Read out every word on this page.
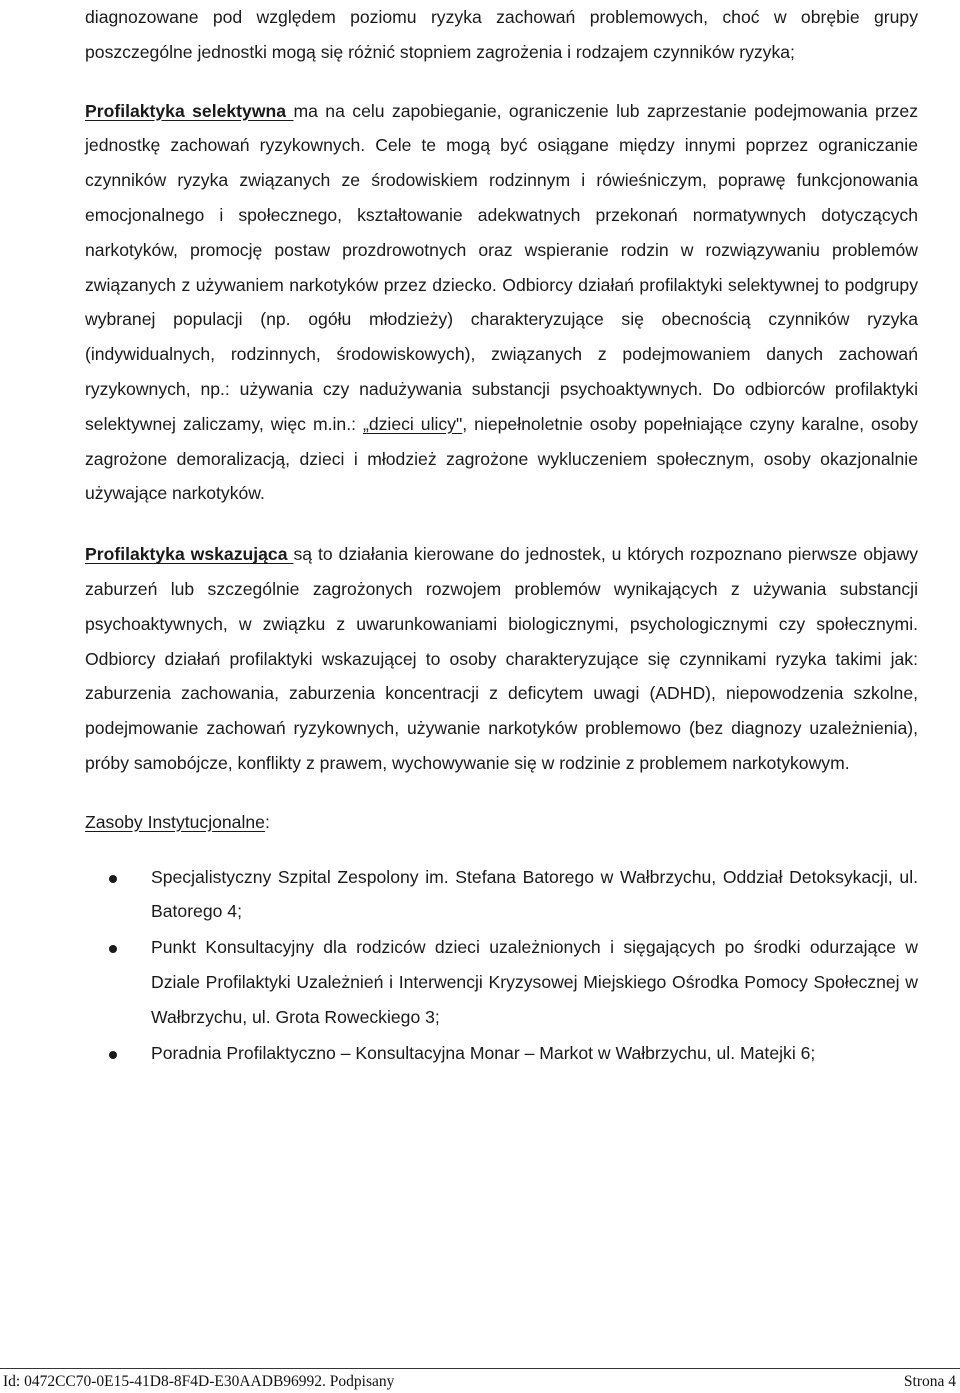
diagnozowane pod względem poziomu ryzyka zachowań problemowych, choć w obrębie grupy poszczególne jednostki mogą się różnić stopniem zagrożenia i rodzajem czynników ryzyka;

Profilaktyka selektywna ma na celu zapobieganie, ograniczenie lub zaprzestanie podejmowania przez jednostkę zachowań ryzykownych. Cele te mogą być osiągane między innymi poprzez ograniczanie czynników ryzyka związanych ze środowiskiem rodzinnym i rówieśniczym, poprawę funkcjonowania emocjonalnego i społecznego, kształtowanie adekwatnych przekonań normatywnych dotyczących narkotyków, promocję postaw prozdrowotnych oraz wspieranie rodzin w rozwiązywaniu problemów związanych z używaniem narkotyków przez dziecko. Odbiorcy działań profilaktyki selektywnej to podgrupy wybranej populacji (np. ogółu młodzieży) charakteryzujące się obecnością czynników ryzyka (indywidualnych, rodzinnych, środowiskowych), związanych z podejmowaniem danych zachowań ryzykownych, np.: używania czy nadużywania substancji psychoaktywnych. Do odbiorców profilaktyki selektywnej zaliczamy, więc m.in.: „dzieci ulicy", niepełnoletnie osoby popełniające czyny karalne, osoby zagrożone demoralizacją, dzieci i młodzież zagrożone wykluczeniem społecznym, osoby okazjonalnie używające narkotyków.

Profilaktyka wskazująca są to działania kierowane do jednostek, u których rozpoznano pierwsze objawy zaburzeń lub szczególnie zagrożonych rozwojem problemów wynikających z używania substancji psychoaktywnych, w związku z uwarunkowaniami biologicznymi, psychologicznymi czy społecznymi. Odbiorcy działań profilaktyki wskazującej to osoby charakteryzujące się czynnikami ryzyka takimi jak: zaburzenia zachowania, zaburzenia koncentracji z deficytem uwagi (ADHD), niepowodzenia szkolne, podejmowanie zachowań ryzykownych, używanie narkotyków problemowo (bez diagnozy uzależnienia), próby samobójcze, konflikty z prawem, wychowywanie się w rodzinie z problemem narkotykowym.

Zasoby Instytucjonalne:

Specjalistyczny Szpital Zespolony im. Stefana Batorego w Wałbrzychu, Oddział Detoksykacji, ul. Batorego 4;
Punkt Konsultacyjny dla rodziców dzieci uzależnionych i sięgających po środki odurzające w Dziale Profilaktyki Uzależnień i Interwencji Kryzysowej Miejskiego Ośrodka Pomocy Społecznej w Wałbrzychu, ul. Grota Roweckiego 3;
Poradnia Profilaktyczno – Konsultacyjna Monar – Markot w Wałbrzychu, ul. Matejki 6;
Id: 0472CC70-0E15-41D8-8F4D-E30AADB96992. Podpisany	Strona 4
